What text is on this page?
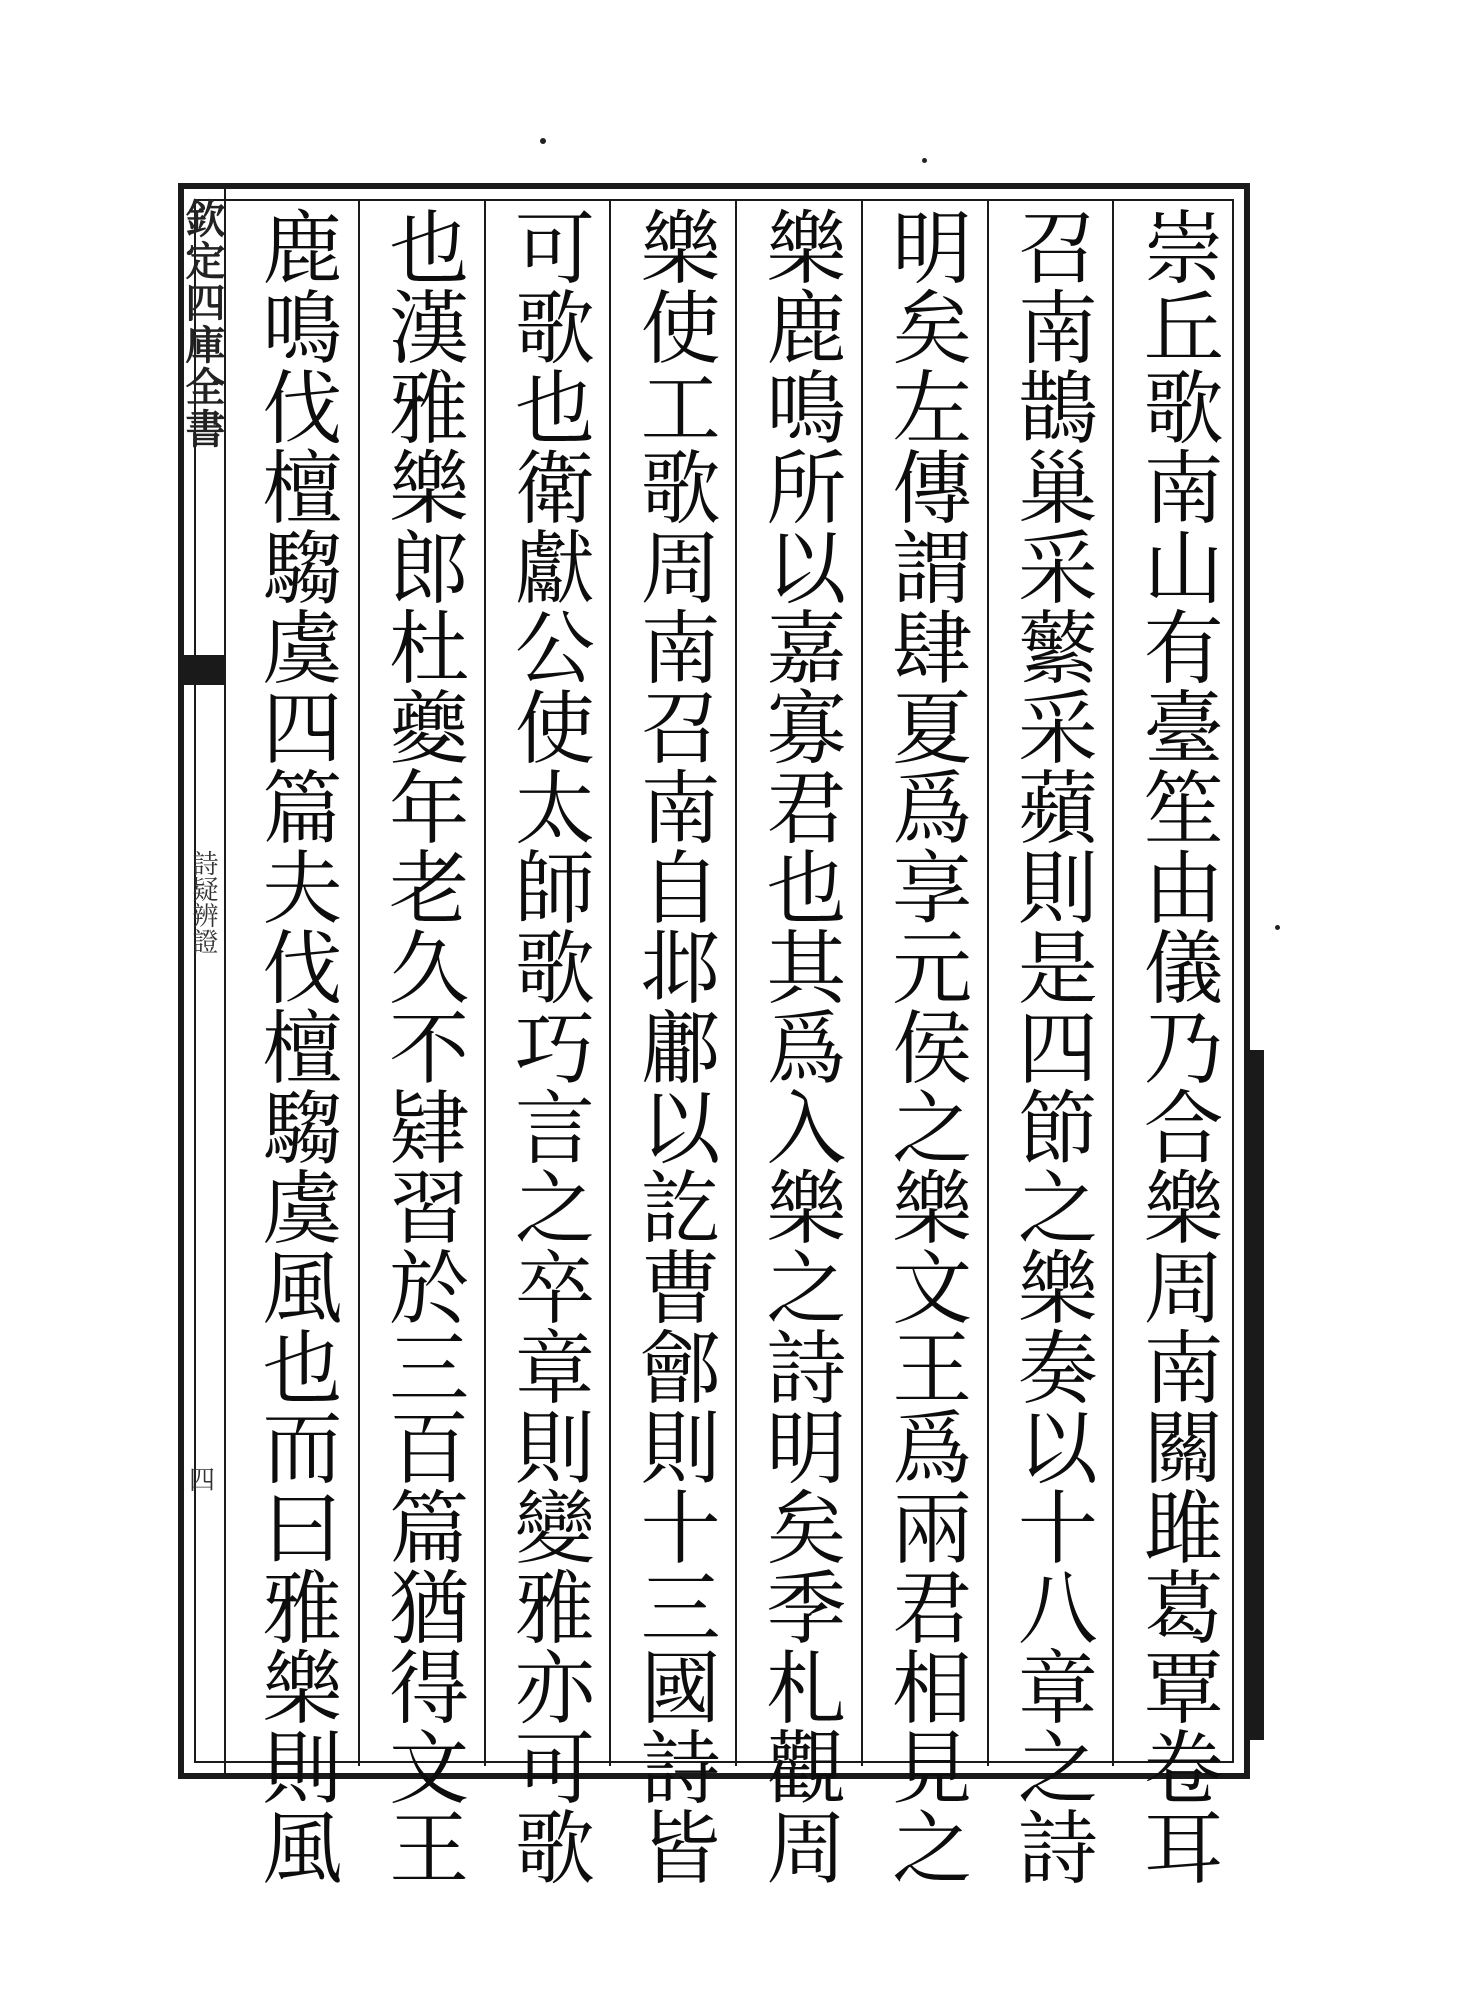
欽定四庫全書
詩疑辨證
四	崇丘歌南山有臺笙由儀乃合樂周南關雎葛覃卷耳
召南鵲巢采蘩采蘋則是四節之樂奏以十八章之詩
明矣左傳謂肆夏爲享元侯之樂文王爲兩君相見之
樂鹿鳴所以嘉寡君也其爲入樂之詩明矣季札觀周
樂使工歌周南召南自邶鄘以訖曹鄶則十三國詩皆
可歌也衛獻公使太師歌巧言之卒章則變雅亦可歌
也漢雅樂郎杜夔年老久不肄習於三百篇猶得文王
鹿鳴伐檀騶虞四篇夫伐檀騶虞風也而曰雅樂則風
